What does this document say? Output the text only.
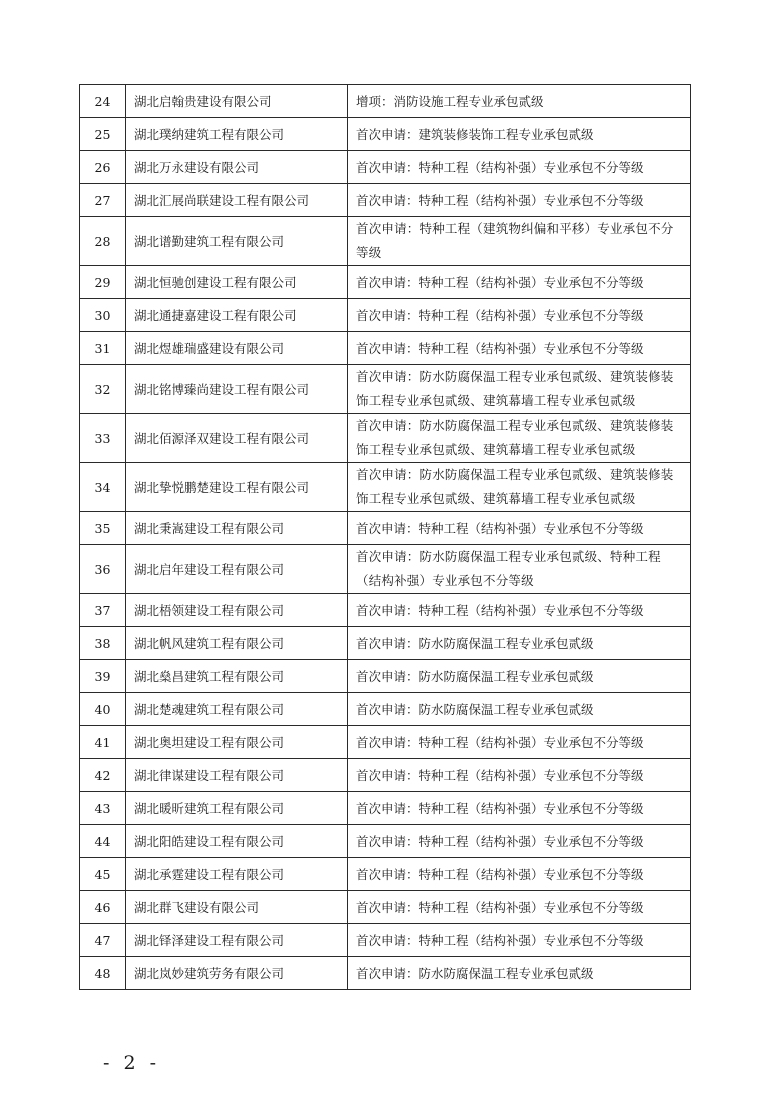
24	湖北启翰贵建设有限公司	增项：消防设施工程专业承包贰级
25	湖北璞纳建筑工程有限公司	首次申请：建筑装修装饰工程专业承包贰级
26	湖北万永建设有限公司	首次申请：特种工程（结构补强）专业承包不分等级
27	湖北汇展尚联建设工程有限公司	首次申请：特种工程（结构补强）专业承包不分等级
28	湖北谱勤建筑工程有限公司	首次申请：特种工程（建筑物纠偏和平移）专业承包不分等级
29	湖北恒驰创建设工程有限公司	首次申请：特种工程（结构补强）专业承包不分等级
30	湖北通捷嘉建设工程有限公司	首次申请：特种工程（结构补强）专业承包不分等级
31	湖北煜雄瑞盛建设有限公司	首次申请：特种工程（结构补强）专业承包不分等级
32	湖北铭博臻尚建设工程有限公司	首次申请：防水防腐保温工程专业承包贰级、建筑装修装饰工程专业承包贰级、建筑幕墙工程专业承包贰级
33	湖北佰源泽双建设工程有限公司	首次申请：防水防腐保温工程专业承包贰级、建筑装修装饰工程专业承包贰级、建筑幕墙工程专业承包贰级
34	湖北挚悦鹏楚建设工程有限公司	首次申请：防水防腐保温工程专业承包贰级、建筑装修装饰工程专业承包贰级、建筑幕墙工程专业承包贰级
35	湖北秉嵩建设工程有限公司	首次申请：特种工程（结构补强）专业承包不分等级
36	湖北启年建设工程有限公司	首次申请：防水防腐保温工程专业承包贰级、特种工程（结构补强）专业承包不分等级
37	湖北梧领建设工程有限公司	首次申请：特种工程（结构补强）专业承包不分等级
38	湖北帆风建筑工程有限公司	首次申请：防水防腐保温工程专业承包贰级
39	湖北燊昌建筑工程有限公司	首次申请：防水防腐保温工程专业承包贰级
40	湖北楚魂建筑工程有限公司	首次申请：防水防腐保温工程专业承包贰级
41	湖北奥坦建设工程有限公司	首次申请：特种工程（结构补强）专业承包不分等级
42	湖北律谋建设工程有限公司	首次申请：特种工程（结构补强）专业承包不分等级
43	湖北暖昕建筑工程有限公司	首次申请：特种工程（结构补强）专业承包不分等级
44	湖北阳皓建设工程有限公司	首次申请：特种工程（结构补强）专业承包不分等级
45	湖北承霆建设工程有限公司	首次申请：特种工程（结构补强）专业承包不分等级
46	湖北群飞建设有限公司	首次申请：特种工程（结构补强）专业承包不分等级
47	湖北铎泽建设工程有限公司	首次申请：特种工程（结构补强）专业承包不分等级
48	湖北岚妙建筑劳务有限公司	首次申请：防水防腐保温工程专业承包贰级
- 2 -
